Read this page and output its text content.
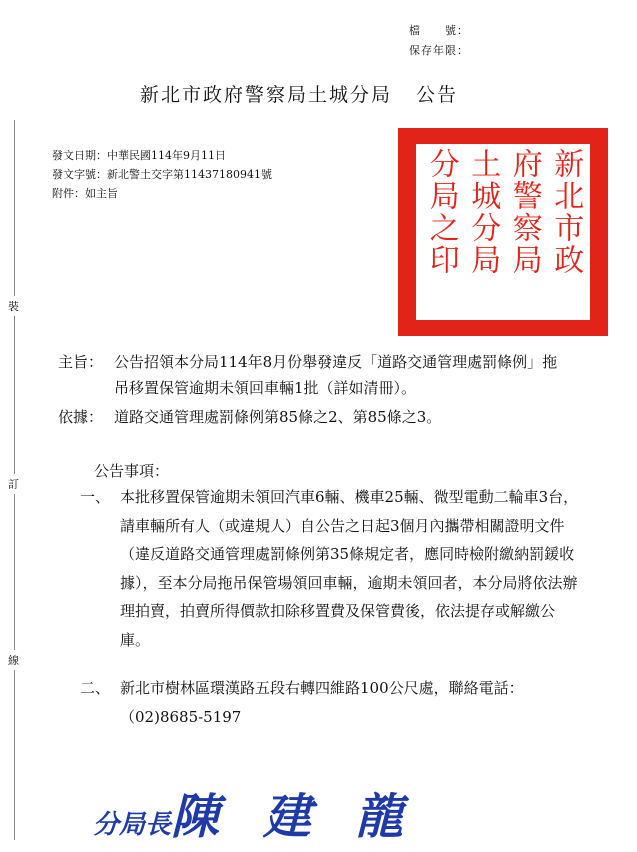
檔　　號：
保存年限：
新北市政府警察局土城分局 公告
發文日期：中華民國114年9月11日
發文字號：新北警土交字第11437180941號
附件：如主旨
裝
訂
線
新北市政
府警察局
土城分局
分局之印
主旨： 公告招領本分局114年8月份舉發違反「道路交通管理處罰條例」拖吊移置保管逾期未領回車輛1批（詳如清冊）。
依據： 道路交通管理處罰條例第85條之2、第85條之3。
公告事項：
一、 本批移置保管逾期未領回汽車6輛、機車25輛、微型電動二輪車3台，請車輛所有人（或違規人）自公告之日起3個月內攜帶相關證明文件（違反道路交通管理處罰條例第35條規定者，應同時檢附繳納罰鍰收據），至本分局拖吊保管場領回車輛，逾期未領回者，本分局將依法辦理拍賣，拍賣所得價款扣除移置費及保管費後，依法提存或解繳公庫。
二、 新北市樹林區環漢路五段右轉四維路100公尺處，聯絡電話：（02)8685-5197
分局長陳 建 龍
